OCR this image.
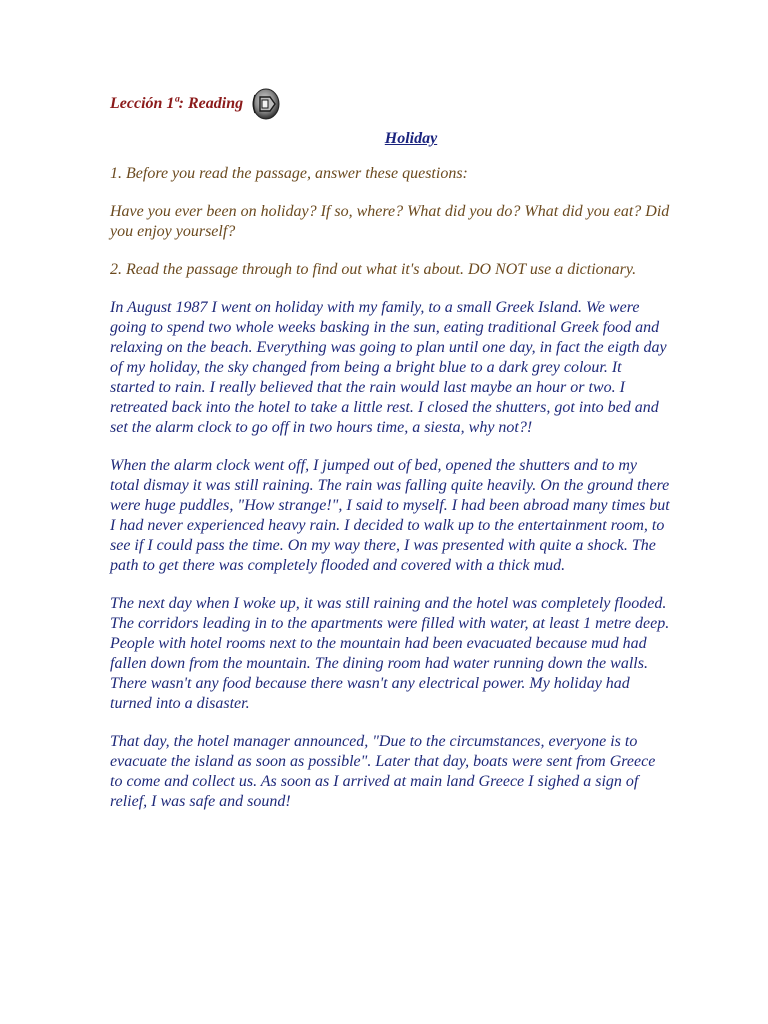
Lección 1ª: Reading
Holiday

1. Before you read the passage, answer these questions:

Have you ever been on holiday? If so, where? What did you do? What did you eat? Did you enjoy yourself?

2. Read the passage through to find out what it's about. DO NOT use a dictionary.

In August 1987 I went on holiday with my family, to a small Greek Island. We were going to spend two whole weeks basking in the sun, eating traditional Greek food and relaxing on the beach. Everything was going to plan until one day, in fact the eigth day of my holiday, the sky changed from being a bright blue to a dark grey colour. It started to rain. I really believed that the rain would last maybe an hour or two. I retreated back into the hotel to take a little rest. I closed the shutters, got into bed and set the alarm clock to go off in two hours time, a siesta, why not?!

When the alarm clock went off, I jumped out of bed, opened the shutters and to my total dismay it was still raining. The rain was falling quite heavily. On the ground there were huge puddles, "How strange!", I said to myself. I had been abroad many times but I had never experienced heavy rain. I decided to walk up to the entertainment room, to see if I could pass the time. On my way there, I was presented with quite a shock. The path to get there was completely flooded and covered with a thick mud.

The next day when I woke up, it was still raining and the hotel was completely flooded. The corridors leading in to the apartments were filled with water, at least 1 metre deep. People with hotel rooms next to the mountain had been evacuated because mud had fallen down from the mountain. The dining room had water running down the walls. There wasn't any food because there wasn't any electrical power. My holiday had turned into a disaster.

That day, the hotel manager announced, "Due to the circumstances, everyone is to evacuate the island as soon as possible". Later that day, boats were sent from Greece to come and collect us. As soon as I arrived at main land Greece I sighed a sign of relief, I was safe and sound!
